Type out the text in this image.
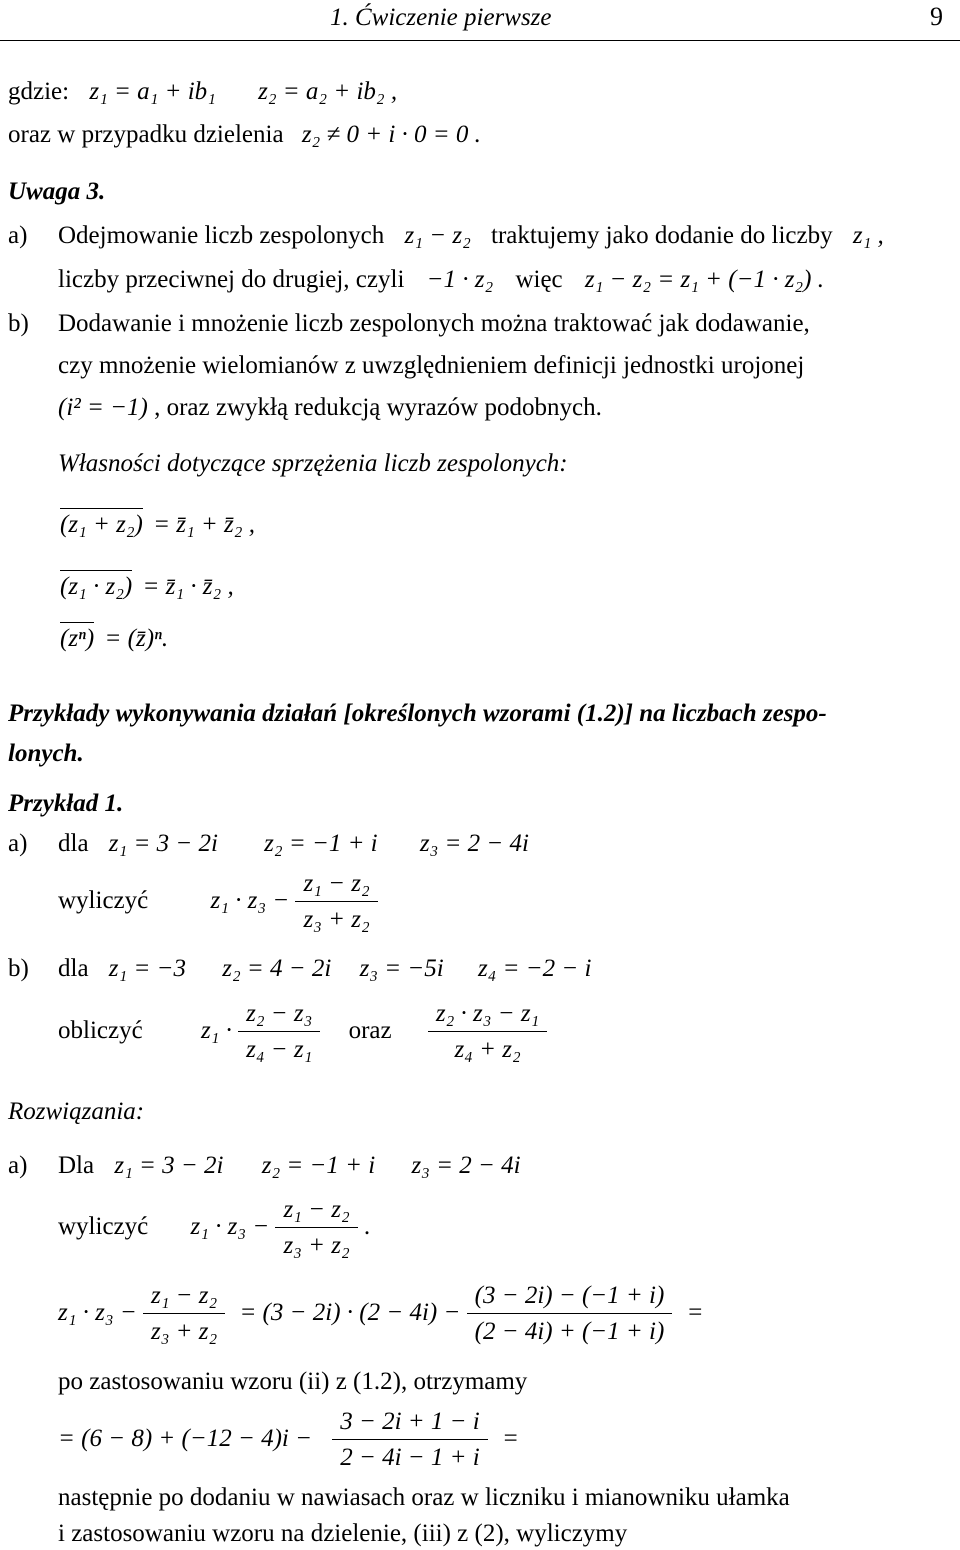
1. Ćwiczenie pierwsze	9
gdzie: z₁ = a₁ + ib₁ z₂ = a₂ + ib₂ ,
oraz w przypadku dzielenia z₂ ≠ 0 + i · 0 = 0 .
Uwaga 3.
a) Odejmowanie liczb zespolonych z₁ − z₂ traktujemy jako dodanie do liczby z₁ ,
liczby przeciwnej do drugiej, czyli −1 · z₂ więc z₁ − z₂ = z₁ + (−1 · z₂) .
b) Dodawanie i mnożenie liczb zespolonych można traktować jak dodawanie,
czy mnożenie wielomianów z uwzględnieniem definicji jednostki urojonej
(i² = −1) , oraz zwykłą redukcją wyrazów podobnych.
Własności dotyczące sprzężenia liczb zespolonych:
(z₁ + z₂) = z̄₁ + z̄₂ ,
(z₁ · z₂) = z̄₁ · z̄₂ ,
(zⁿ) = (z̄)ⁿ.
Przykłady wykonywania działań [określonych wzorami (1.2)] na liczbach zespo-
lonych.
Przykład 1.
a) dla z₁ = 3 − 2i z₂ = −1 + i z₃ = 2 − 4i
wyliczyć $z_1 \cdot z_3 - \frac{\text{z₁ − z₂}}{\text{z₃ + z₂}}$
b) dla z₁ = −3 z₂ = 4 − 2i z₃ = −5i z₄ = −2 − i
obliczyć $z_1 \cdot \frac{\text{z₂ − z₃}}{\text{z₄ − z₁}}$ oraz $\frac{\text{z₂ · z₃ − z₁}}{\text{z₄ + z₂}}$
Rozwiązania:
a) Dla z₁ = 3 − 2i z₂ = −1 + i z₃ = 2 − 4i
wyliczyć $z_1 \cdot z_3 - \frac{\text{z₁ − z₂}}{\text{z₃ + z₂}}$ .
$z_1 \cdot z_3 - \frac{\text{z₁ − z₂}}{\text{z₃ + z₂}} = (3 - 2i) \cdot (2 - 4i) - \frac{(3 - 2i) - (-1 + i)}{(2 - 4i) + (-1 + i)}$ =
po zastosowaniu wzoru (ii) z (1.2), otrzymamy
= $(6 - 8) + (-12 - 4)i - \frac{3 - 2i + 1 - i}{2 - 4i - 1 + i}$ =
następnie po dodaniu w nawiasach oraz w liczniku i mianowniku ułamka
i zastosowaniu wzoru na dzielenie, (iii) z (2), wyliczymy
